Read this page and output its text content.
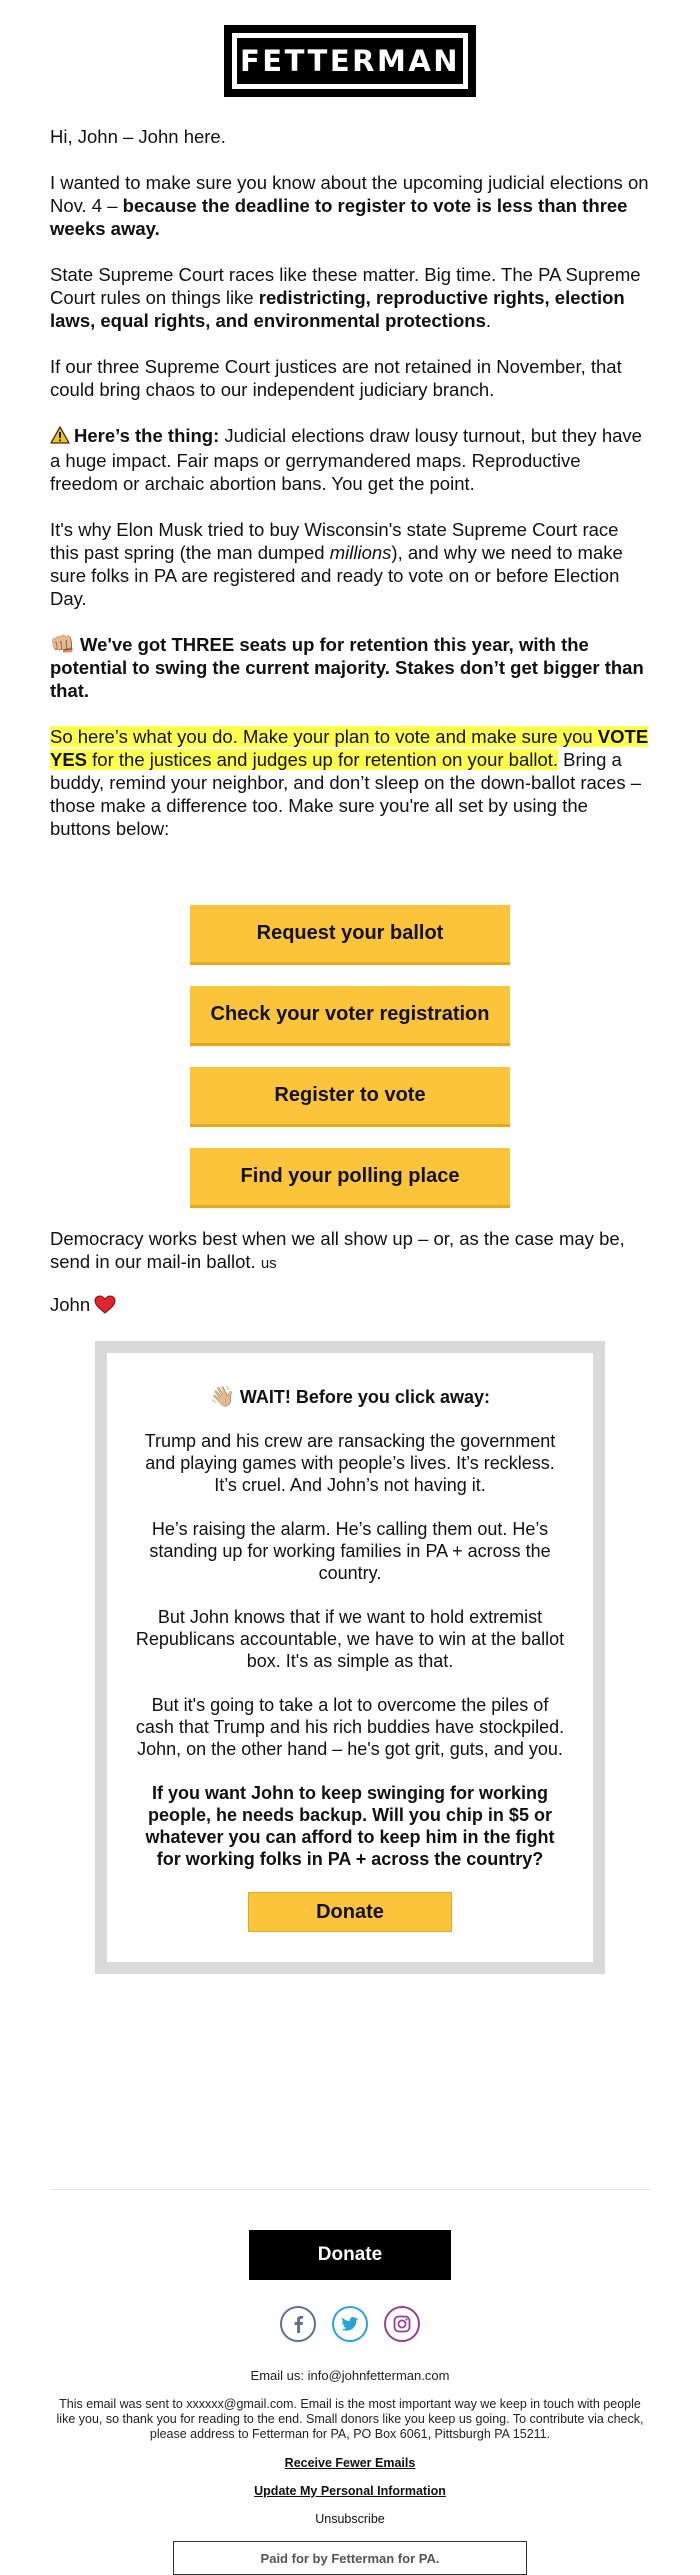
FETTERMAN

Hi, John – John here.

I wanted to make sure you know about the upcoming judicial elections on Nov. 4 – because the deadline to register to vote is less than three weeks away.

State Supreme Court races like these matter. Big time. The PA Supreme Court rules on things like redistricting, reproductive rights, election laws, equal rights, and environmental protections.

If our three Supreme Court justices are not retained in November, that could bring chaos to our independent judiciary branch.

Here’s the thing: Judicial elections draw lousy turnout, but they have a huge impact. Fair maps or gerrymandered maps. Reproductive freedom or archaic abortion bans. You get the point.

It's why Elon Musk tried to buy Wisconsin's state Supreme Court race this past spring (the man dumped millions), and why we need to make sure folks in PA are registered and ready to vote on or before Election Day.

👊🏼 We've got THREE seats up for retention this year, with the potential to swing the current majority. Stakes don’t get bigger than that.

So here’s what you do. Make your plan to vote and make sure you VOTE YES for the justices and judges up for retention on your ballot. Bring a buddy, remind your neighbor, and don’t sleep on the down-ballot races – those make a difference too. Make sure you're all set by using the buttons below:

Request your ballot
Check your voter registration
Register to vote
Find your polling place

Democracy works best when we all show up – or, as the case may be, send in our mail-in ballot. us

John

👋🏼 WAIT! Before you click away:

Trump and his crew are ransacking the government and playing games with people’s lives. It’s reckless. It’s cruel. And John’s not having it.

He’s raising the alarm. He’s calling them out. He’s standing up for working families in PA + across the country.

But John knows that if we want to hold extremist Republicans accountable, we have to win at the ballot box. It's as simple as that.

But it's going to take a lot to overcome the piles of cash that Trump and his rich buddies have stockpiled. John, on the other hand – he's got grit, guts, and you.

If you want John to keep swinging for working people, he needs backup. Will you chip in $5 or whatever you can afford to keep him in the fight for working folks in PA + across the country?

Donate
Donate
Email us: info@johnfetterman.com
This email was sent to xxxxxx@gmail.com. Email is the most important way we keep in touch with people like you, so thank you for reading to the end. Small donors like you keep us going. To contribute via check, please address to Fetterman for PA, PO Box 6061, Pittsburgh PA 15211.
Receive Fewer Emails
Update My Personal Information
Unsubscribe
Paid for by Fetterman for PA.
